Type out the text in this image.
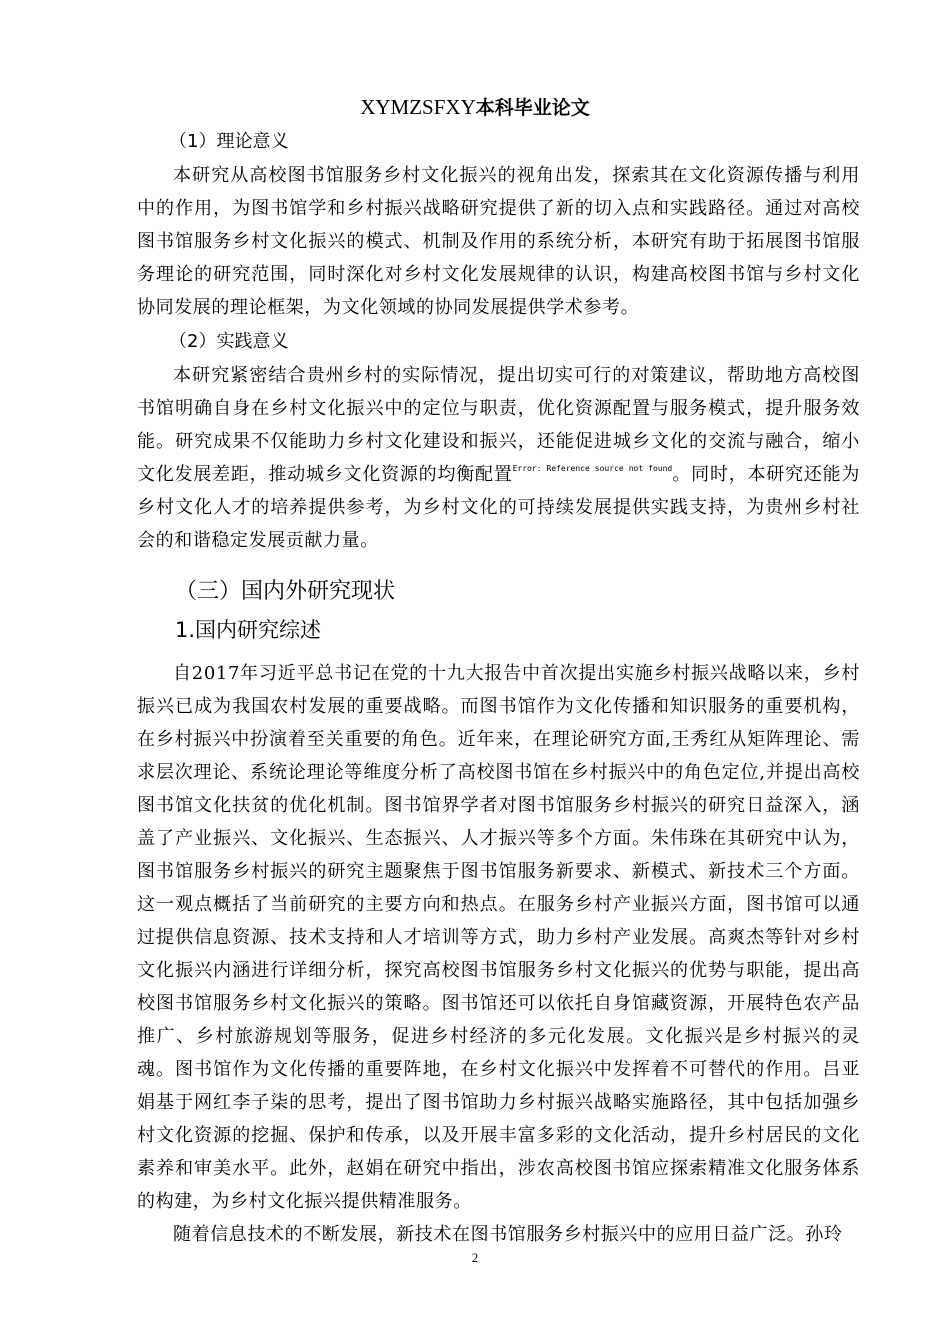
XYMZSFXY本科毕业论文
（1）理论意义

本研究从高校图书馆服务乡村文化振兴的视角出发，探索其在文化资源传播与利用中的作用，为图书馆学和乡村振兴战略研究提供了新的切入点和实践路径。通过对高校图书馆服务乡村文化振兴的模式、机制及作用的系统分析，本研究有助于拓展图书馆服务理论的研究范围，同时深化对乡村文化发展规律的认识，构建高校图书馆与乡村文化协同发展的理论框架，为文化领域的协同发展提供学术参考。

（2）实践意义

本研究紧密结合贵州乡村的实际情况，提出切实可行的对策建议，帮助地方高校图书馆明确自身在乡村文化振兴中的定位与职责，优化资源配置与服务模式，提升服务效能。研究成果不仅能助力乡村文化建设和振兴，还能促进城乡文化的交流与融合，缩小文化发展差距，推动城乡文化资源的均衡配置$^{Error: Reference source not found}$。同时，本研究还能为乡村文化人才的培养提供参考，为乡村文化的可持续发展提供实践支持，为贵州乡村社会的和谐稳定发展贡献力量。

（三）国内外研究现状
1.国内研究综述

自2017年习近平总书记在党的十九大报告中首次提出实施乡村振兴战略以来，乡村振兴已成为我国农村发展的重要战略。而图书馆作为文化传播和知识服务的重要机构，在乡村振兴中扮演着至关重要的角色。近年来，在理论研究方面,王秀红从矩阵理论、需求层次理论、系统论理论等维度分析了高校图书馆在乡村振兴中的角色定位,并提出高校图书馆文化扶贫的优化机制。图书馆界学者对图书馆服务乡村振兴的研究日益深入，涵盖了产业振兴、文化振兴、生态振兴、人才振兴等多个方面。朱伟珠在其研究中认为，图书馆服务乡村振兴的研究主题聚焦于图书馆服务新要求、新模式、新技术三个方面。这一观点概括了当前研究的主要方向和热点。在服务乡村产业振兴方面，图书馆可以通过提供信息资源、技术支持和人才培训等方式，助力乡村产业发展。高爽杰等针对乡村文化振兴内涵进行详细分析，探究高校图书馆服务乡村文化振兴的优势与职能，提出高校图书馆服务乡村文化振兴的策略。图书馆还可以依托自身馆藏资源，开展特色农产品推广、乡村旅游规划等服务，促进乡村经济的多元化发展。文化振兴是乡村振兴的灵魂。图书馆作为文化传播的重要阵地，在乡村文化振兴中发挥着不可替代的作用。吕亚娟基于网红李子柒的思考，提出了图书馆助力乡村振兴战略实施路径，其中包括加强乡村文化资源的挖掘、保护和传承，以及开展丰富多彩的文化活动，提升乡村居民的文化素养和审美水平。此外，赵娟在研究中指出，涉农高校图书馆应探索精准文化服务体系的构建，为乡村文化振兴提供精准服务。

随着信息技术的不断发展，新技术在图书馆服务乡村振兴中的应用日益广泛。孙玲

2
